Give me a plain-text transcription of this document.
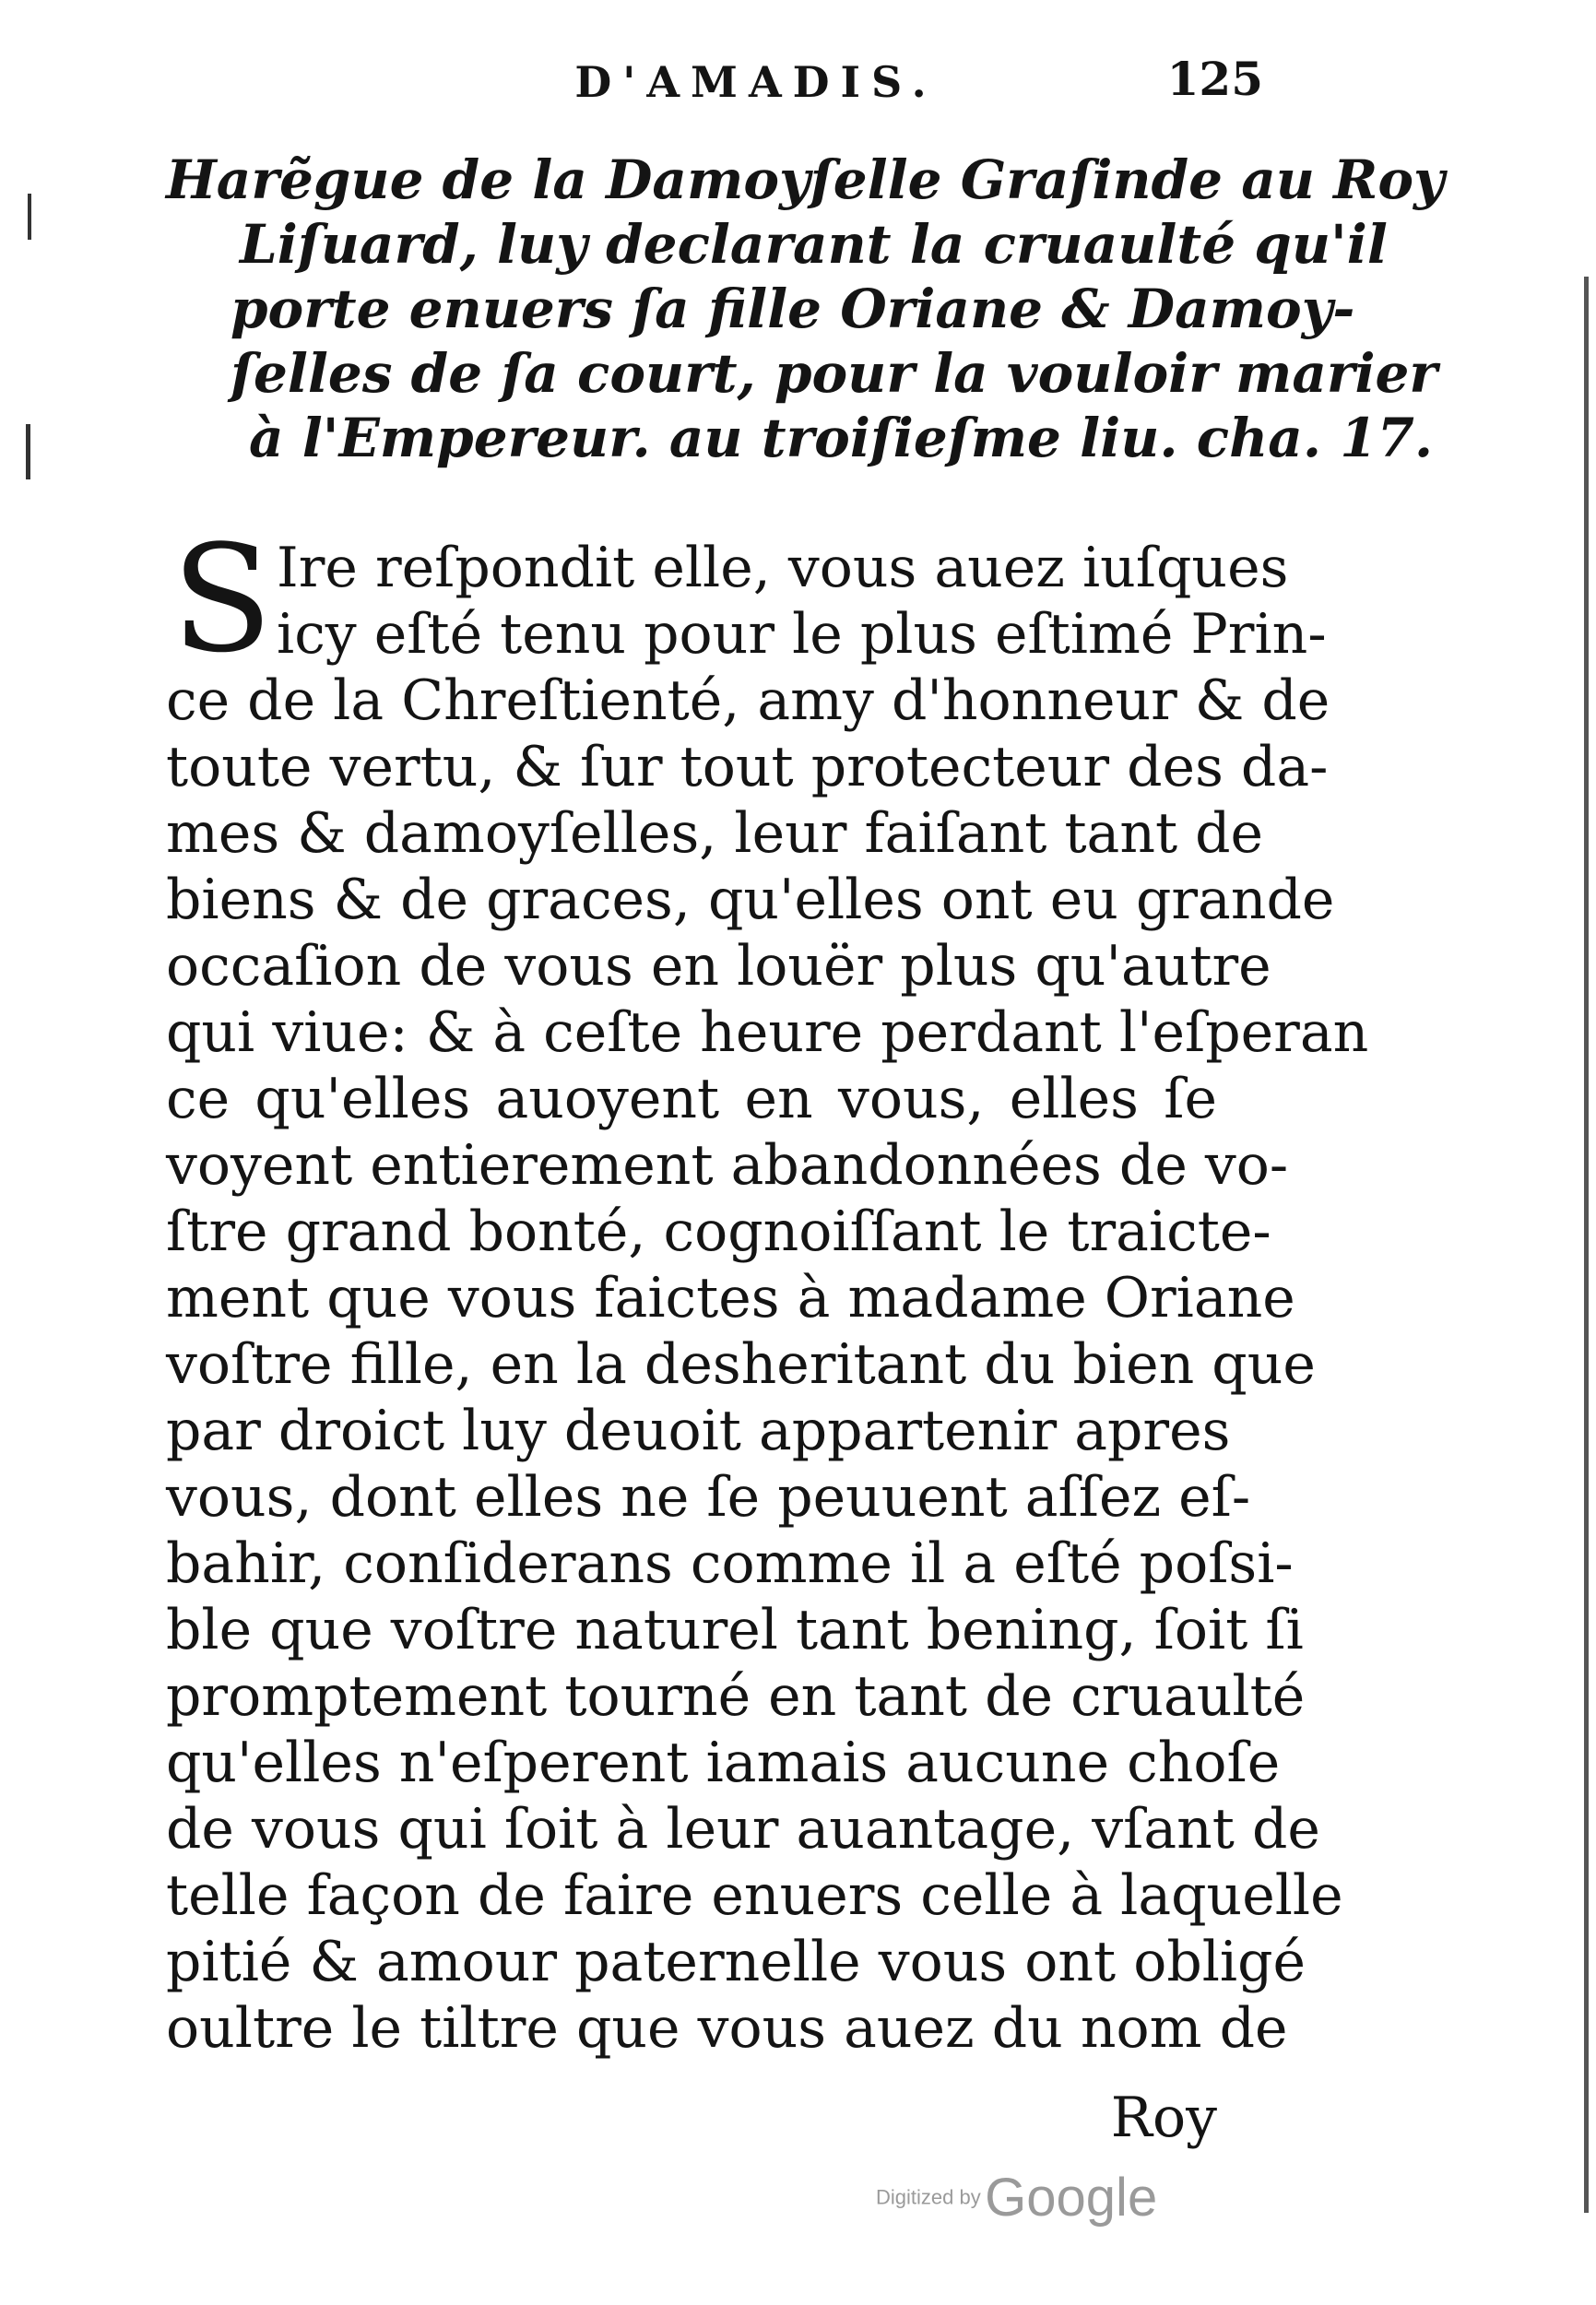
D'AMADIS.	125
Harẽgue de la Damoyſelle Graſinde au Roy
Liſuard, luy declarant la cruaulté qu'il
porte enuers ſa fille Oriane & Damoy-
ſelles de ſa court, pour la vouloir marier
à l'Empereur. au troiſieſme liu. cha. 17.
S Ire reſpondit elle, vous auez iuſques
icy eſté tenu pour le plus eſtimé Prin-
ce de la Chreſtienté, amy d'honneur & de
toute vertu, & ſur tout protecteur des da-
mes & damoyſelles, leur faiſant tant de
biens & de graces, qu'elles ont eu grande
occaſion de vous en louër plus qu'autre
qui viue: & à ceſte heure perdant l'eſperan
ce qu'elles auoyent en vous, elles ſe
voyent entierement abandonnées de vo-
ſtre grand bonté, cognoiſſant le traicte-
ment que vous faictes à madame Oriane
voſtre fille, en la desheritant du bien que
par droict luy deuoit appartenir apres
vous, dont elles ne ſe peuuent aſſez eſ-
bahir, conſiderans comme il a eſté poſsi-
ble que voſtre naturel tant bening, ſoit ſi
promptement tourné en tant de cruaulté
qu'elles n'eſperent iamais aucune choſe
de vous qui ſoit à leur auantage, vſant de
telle façon de faire enuers celle à laquelle
pitié & amour paternelle vous ont obligé
oultre le tiltre que vous auez du nom de
Roy
Digitized by Google
